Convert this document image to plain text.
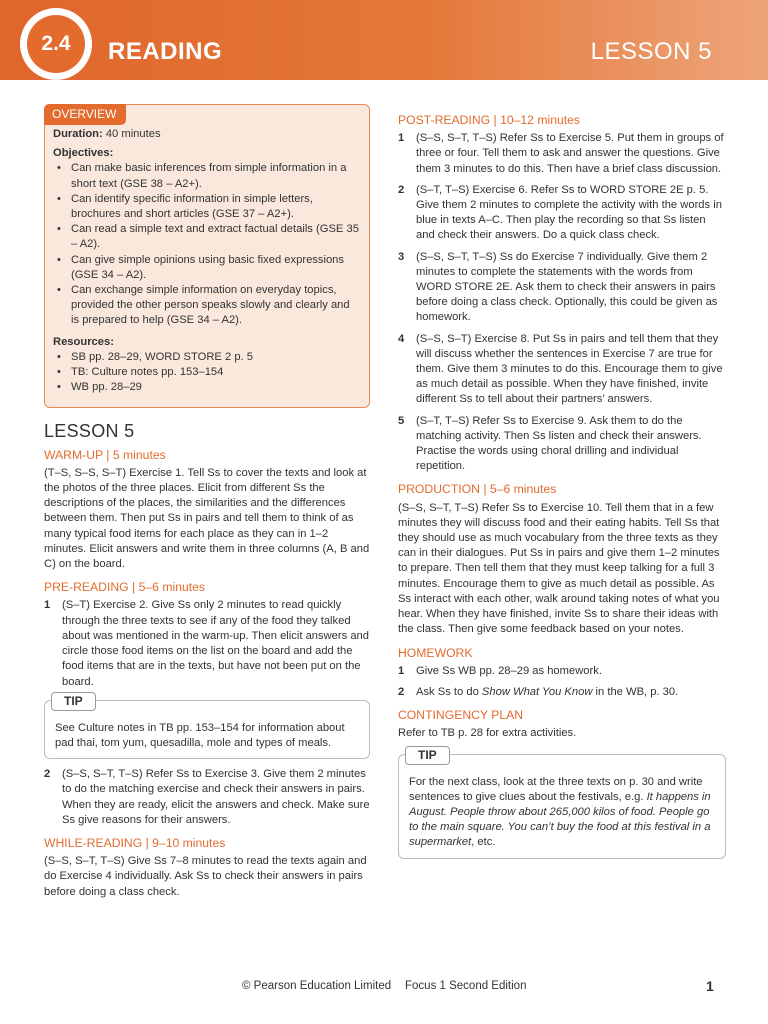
2.4	READING	LESSON 5
OVERVIEW

Duration: 40 minutes

Objectives:
• Can make basic inferences from simple information in a short text (GSE 38 – A2+).
• Can identify specific information in simple letters, brochures and short articles (GSE 37 – A2+).
• Can read a simple text and extract factual details (GSE 35 – A2).
• Can give simple opinions using basic fixed expressions (GSE 34 – A2).
• Can exchange simple information on everyday topics, provided the other person speaks slowly and clearly and is prepared to help (GSE 34 – A2).
Resources:
• SB pp. 28–29, WORD STORE 2 p. 5
• TB: Culture notes pp. 153–154
• WB pp. 28–29
LESSON 5
WARM-UP | 5 minutes

(T–S, S–S, S–T) Exercise 1. Tell Ss to cover the texts and look at the photos of the three places. Elicit from different Ss the descriptions of the places, the similarities and the differences between them. Then put Ss in pairs and tell them to think of as many typical food items for each place as they can in 1–2 minutes. Elicit answers and write them in three columns (A, B and C) on the board.

PRE-READING | 5–6 minutes
1 (S–T) Exercise 2. Give Ss only 2 minutes to read quickly through the three texts to see if any of the food they talked about was mentioned in the warm-up. Then elicit answers and circle those food items on the list on the board and add the food items that are in the texts, but have not been put on the board.
TIP
See Culture notes in TB pp. 153–154 for information about pad thai, tom yum, quesadilla, mole and types of meals.
2 (S–S, S–T, T–S) Refer Ss to Exercise 3. Give them 2 minutes to do the matching exercise and check their answers in pairs. When they are ready, elicit the answers and check. Make sure Ss give reasons for their answers.
WHILE-READING | 9–10 minutes

(S–S, S–T, T–S) Give Ss 7–8 minutes to read the texts again and do Exercise 4 individually. Ask Ss to check their answers in pairs before doing a class check.

POST-READING | 10–12 minutes
1 (S–S, S–T, T–S) Refer Ss to Exercise 5. Put them in groups of three or four. Tell them to ask and answer the questions. Give them 3 minutes to do this. Then have a brief class discussion.
2 (S–T, T–S) Exercise 6. Refer Ss to WORD STORE 2E p. 5. Give them 2 minutes to complete the activity with the words in blue in texts A–C. Then play the recording so that Ss listen and check their answers. Do a quick class check.
3 (S–S, S–T, T–S) Ss do Exercise 7 individually. Give them 2 minutes to complete the statements with the words from WORD STORE 2E. Ask them to check their answers in pairs before doing a class check. Optionally, this could be given as homework.
4 (S–S, S–T) Exercise 8. Put Ss in pairs and tell them that they will discuss whether the sentences in Exercise 7 are true for them. Give them 3 minutes to do this. Encourage them to give as much detail as possible. When they have finished, invite different Ss to tell about their partners’ answers.
5 (S–T, T–S) Refer Ss to Exercise 9. Ask them to do the matching activity. Then Ss listen and check their answers. Practise the words using choral drilling and individual repetition.
PRODUCTION | 5–6 minutes

(S–S, S–T, T–S) Refer Ss to Exercise 10. Tell them that in a few minutes they will discuss food and their eating habits. Tell Ss that they should use as much vocabulary from the three texts as they can in their dialogues. Put Ss in pairs and give them 1–2 minutes to prepare. Then tell them that they must keep talking for a full 3 minutes. Encourage them to give as much detail as possible. As Ss interact with each other, walk around taking notes of what you hear. When they have finished, invite Ss to share their ideas with the class. Then give some feedback based on your notes.

HOMEWORK
1 Give Ss WB pp. 28–29 as homework.
2 Ask Ss to do Show What You Know in the WB, p. 30.
CONTINGENCY PLAN

Refer to TB p. 28 for extra activities.

TIP
For the next class, look at the three texts on p. 30 and write sentences to give clues about the festivals, e.g. It happens in August. People throw about 265,000 kilos of food. People go to the main square. You can’t buy the food at this festival in a supermarket, etc.
© Pearson Education Limited Focus 1 Second Edition	1
